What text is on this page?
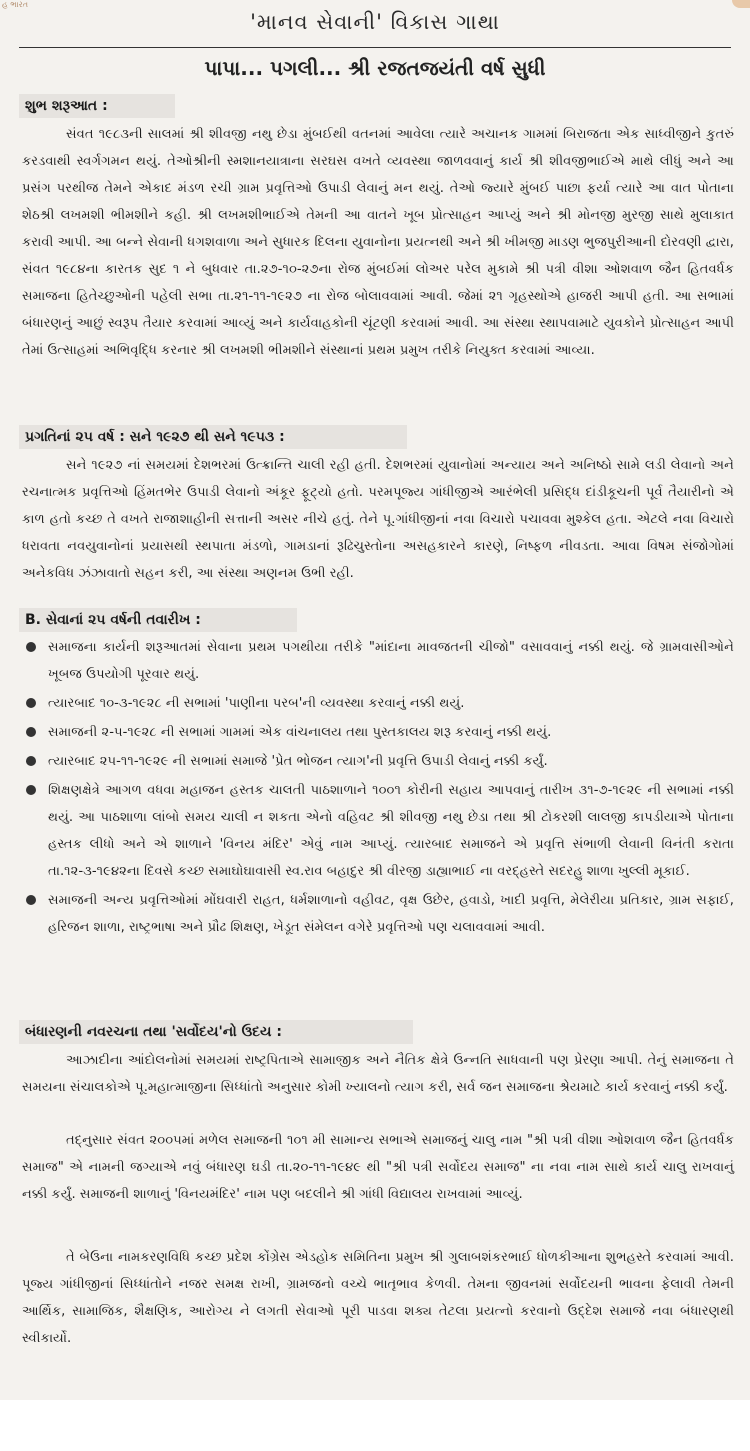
હ ભારત
'માનવ સેવાની' વિકાસ ગાથા
પાપા... પગલી... શ્રી રજતજયંતી વર્ષ સુધી
શુભ શરૂઆત :
સંવત ૧૯૮૩ની સાલમાં શ્રી શીવજી નથુ છેડા મુંબઈથી વતનમાં આવેલા ત્યારે અચાનક ગામમાં બિરાજતા એક સાધ્વીજીને કુતરું કરડવાથી સ્વર્ગગમન થયું. તેઓશ્રીની સ્મશાનયાત્રાના સરઘસ વખતે વ્યવસ્થા જાળવવાનું કાર્ય શ્રી શીવજીભાઈએ માથે લીધું અને આ પ્રસંગ પરથીજ તેમને એકાદ મંડળ રચી ગ્રામ પ્રવૃત્તિઓ ઉપાડી લેવાનું મન થયું. તેઓ જ્યારે મુંબઈ પાછા ફર્યા ત્યારે આ વાત પોતાના શેઠશ્રી લખમશી ભીમશીને કહી. શ્રી લખમશીભાઈએ તેમની આ વાતને ખૂબ પ્રોત્સાહન આપ્યું અને શ્રી મોનજી મુરજી સાથે મુલાકાત કરાવી આપી. આ બન્ને સેવાની ધગશવાળા અને સુધારક દિલના યુવાનોના પ્રયત્નથી અને શ્રી ખીમજી માડણ ભુજપુરીઆની દોરવણી દ્વારા, સંવત ૧૯૮૪ના કારતક સુદ ૧ ને બુધવાર તા.૨૭-૧૦-૨૭ના રોજ મુંબઈમાં લોઅર પરેલ મુકામે શ્રી પત્રી વીશા ઓશવાળ જૈન હિતવર્ધક સમાજના હિતેચ્છુઓની પહેલી સભા તા.૨૧-૧૧-૧૯૨૭ ના રોજ બોલાવવામાં આવી. જેમાં ૨૧ ગૃહસ્થોએ હાજરી આપી હતી. આ સભામાં બંધારણનું આછું સ્વરૂપ તૈયાર કરવામાં આવ્યું અને કાર્યવાહકોની ચૂંટણી કરવામાં આવી. આ સંસ્થા સ્થાપવામાટે યુવકોને પ્રોત્સાહન આપી તેમાં ઉત્સાહમાં અભિવૃદ્ધિ કરનાર શ્રી લખમશી ભીમશીને સંસ્થાનાં પ્રથમ પ્રમુખ તરીકે નિયુક્ત કરવામાં આવ્યા.
પ્રગતિનાં ૨૫ વર્ષ : સને ૧૯૨૭ થી સને ૧૯૫૩ :
સને ૧૯૨૭ નાં સમયમાં દેશભરમાં ઉત્ક્રાન્તિ ચાલી રહી હતી. દેશભરમાં યુવાનોમાં અન્યાય અને અનિષ્ઠો સામે લડી લેવાનો અને રચનાત્મક પ્રવૃત્તિઓ હિંમતભેર ઉપાડી લેવાનો અંકૂર ફૂટ્યો હતો. પરમપૂજ્ય ગાંધીજીએ આરંભેલી પ્રસિદ્ધ દાંડીકૂચની પૂર્વ તૈયારીનો એ કાળ હતો કચ્છ તે વખતે રાજાશાહીની સત્તાની અસર નીચે હતું. તેને પૂ.ગાંધીજીનાં નવા વિચારો પચાવવા મુશ્કેલ હતા. એટલે નવા વિચારો ધરાવતા નવયુવાનોનાં પ્રયાસથી સ્થપાતા મંડળો, ગામડાનાં રૂઢિચુસ્તોના અસહકારને કારણે, નિષ્ફળ નીવડતા. આવા વિષમ સંજોગોમાં અનેકવિધ ઝંઝાવાતો સહન કરી, આ સંસ્થા અણનમ ઉભી રહી.
B. સેવાનાં ૨૫ વર્ષની તવારીખ :
સમાજના કાર્યની શરૂઆતમાં સેવાના પ્રથમ પગથીયા તરીકે "માંદાના માવજતની ચીજો" વસાવવાનું નક્કી થયું. જે ગ્રામવાસીઓને ખૂબજ ઉપયોગી પૂરવાર થયું.
ત્યારબાદ ૧૦-૩-૧૯૨૮ ની સભામાં 'પાણીના પરબ'ની વ્યવસ્થા કરવાનું નક્કી થયું.
સમાજની ૨-૫-૧૯૨૮ ની સભામાં ગામમાં એક વાંચનાલય તથા પુસ્તકાલય શરૂ કરવાનું નક્કી થયું.
ત્યારબાદ ૨૫-૧૧-૧૯૨૯ ની સભામાં સમાજે 'પ્રેત ભોજન ત્યાગ'ની પ્રવૃત્તિ ઉપાડી લેવાનું નક્કી કર્યું.
શિક્ષણક્ષેત્રે આગળ વધવા મહાજન હસ્તક ચાલતી પાઠશાળાને ૧૦૦૧ કોરીની સહાય આપવાનું તારીખ ૩૧-૭-૧૯૨૯ ની સભામાં નક્કી થયું. આ પાઠશાળા લાંબો સમય ચાલી ન શકતા એનો વહિવટ શ્રી શીવજી નથુ છેડા તથા શ્રી ટોકરશી લાલજી કાપડીયાએ પોતાના હસ્તક લીધો અને એ શાળાને 'વિનય મંદિર' એવું નામ આપ્યું. ત્યારબાદ સમાજને એ પ્રવૃત્તિ સંભાળી લેવાની વિનંતી કરાતા તા.૧૨-૩-૧૯૪૨ના દિવસે કચ્છ સમાઘોઘાવાસી સ્વ.રાવ બહાદુર શ્રી વીરજી ડાહ્યાભાઈ ના વરદ્હસ્તે સદરહુ શાળા ખુલ્લી મૂકાઈ.
સમાજની અન્ય પ્રવૃત્તિઓમાં મોંઘવારી રાહત, ધર્મશાળાનો વહીવટ, વૃક્ષ ઉછેર, હવાડો, ખાદી પ્રવૃત્તિ, મેલેરીયા પ્રતિકાર, ગ્રામ સફાઈ, હરિજન શાળા, રાષ્ટ્રભાષા અને પ્રૌઢ શિક્ષણ, ખેડૂત સંમેલન વગેરે પ્રવૃત્તિઓ પણ ચલાવવામાં આવી.
બંધારણની નવરચના તથા 'સર્વોદય'નો ઉદય :
આઝાદીના આંદોલનોમાં સમયમાં રાષ્ટ્રપિતાએ સામાજીક અને નૈતિક ક્ષેત્રે ઉન્નતિ સાધવાની પણ પ્રેરણા આપી. તેનું સમાજના તે સમયના સંચાલકોએ પૂ.મહાત્માજીના સિધ્ધાંતો અનુસાર કોમી ખ્યાલનો ત્યાગ કરી, સર્વ જન સમાજના શ્રેયમાટે કાર્ય કરવાનું નક્કી કર્યું.
તદ્નુસાર સંવત ૨૦૦૫માં મળેલ સમાજની ૧૦૧ મી સામાન્ય સભાએ સમાજનું ચાલુ નામ "શ્રી પત્રી વીશા ઓશવાળ જૈન હિતવર્ધક સમાજ" એ નામની જગ્યાએ નવું બંધારણ ઘડી તા.૨૦-૧૧-૧૯૪૯ થી "શ્રી પત્રી સર્વોદય સમાજ" ના નવા નામ સાથે કાર્ય ચાલુ રાખવાનું નક્કી કર્યું. સમાજની શાળાનું 'વિનયમંદિર' નામ પણ બદલીને શ્રી ગાંધી વિદ્યાલય રાખવામાં આવ્યું.
તે બેઉના નામકરણવિધિ કચ્છ પ્રદેશ કોંગ્રેસ એડહોક સમિતિના પ્રમુખ શ્રી ગુલાબશંકરભાઈ ધોળકીઆના શુભહસ્તે કરવામાં આવી. પૂજ્ય ગાંધીજીનાં સિધ્ધાંતોને નજર સમક્ષ રાખી, ગ્રામજનો વચ્ચે ભાતૃભાવ કેળવી. તેમના જીવનમાં સર્વોદયની ભાવના ફેલાવી તેમની આર્થિક, સામાજિક, શૈક્ષણિક, આરોગ્ય ને લગતી સેવાઓ પૂરી પાડવા શક્ય તેટલા પ્રયત્નો કરવાનો ઉદ્દેશ સમાજે નવા બંધારણથી સ્વીકાર્યો.
